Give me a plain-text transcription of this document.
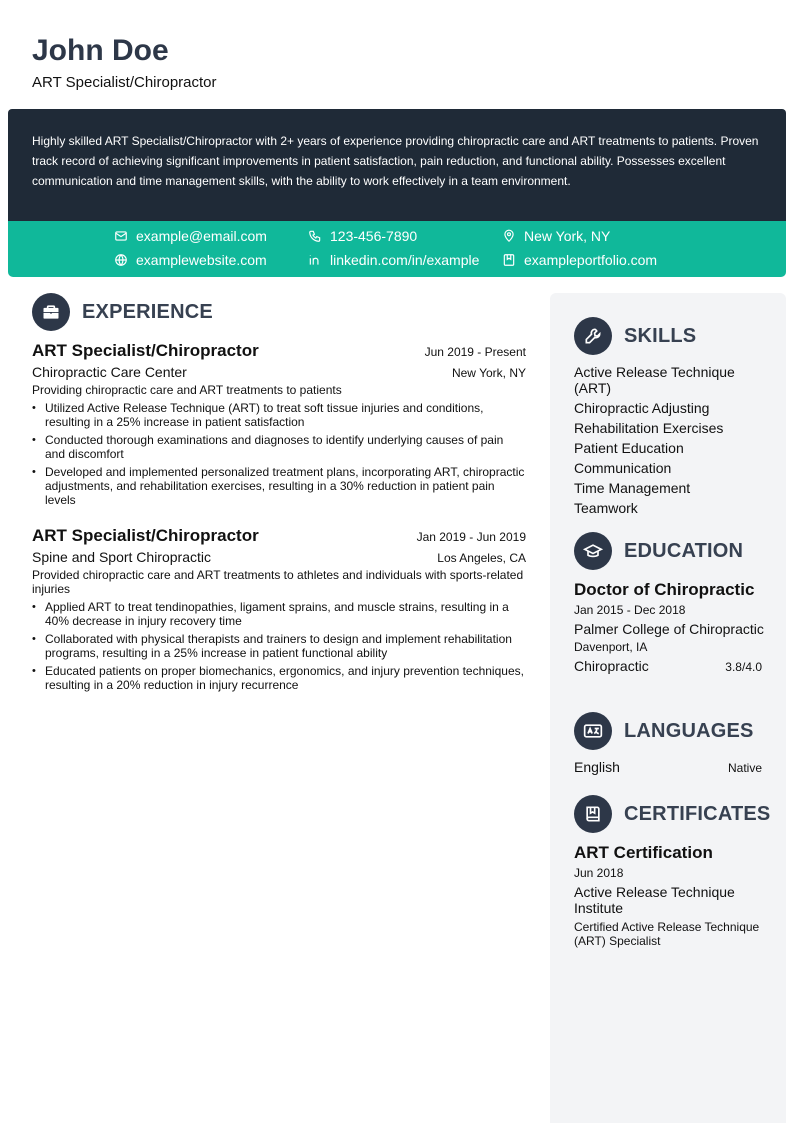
John Doe
ART Specialist/Chiropractor
Highly skilled ART Specialist/Chiropractor with 2+ years of experience providing chiropractic care and ART treatments to patients. Proven track record of achieving significant improvements in patient satisfaction, pain reduction, and functional ability. Possesses excellent communication and time management skills, with the ability to work effectively in a team environment.
example@email.com	123-456-7890	New York, NY
examplewebsite.com	linkedin.com/in/example	exampleportfolio.com
EXPERIENCE
ART Specialist/Chiropractor	Jun 2019 - Present
Chiropractic Care Center	New York, NY
Providing chiropractic care and ART treatments to patients
• Utilized Active Release Technique (ART) to treat soft tissue injuries and conditions, resulting in a 25% increase in patient satisfaction
• Conducted thorough examinations and diagnoses to identify underlying causes of pain and discomfort
• Developed and implemented personalized treatment plans, incorporating ART, chiropractic adjustments, and rehabilitation exercises, resulting in a 30% reduction in patient pain levels
ART Specialist/Chiropractor	Jan 2019 - Jun 2019
Spine and Sport Chiropractic	Los Angeles, CA
Provided chiropractic care and ART treatments to athletes and individuals with sports-related injuries
• Applied ART to treat tendinopathies, ligament sprains, and muscle strains, resulting in a 40% decrease in injury recovery time
• Collaborated with physical therapists and trainers to design and implement rehabilitation programs, resulting in a 25% increase in patient functional ability
• Educated patients on proper biomechanics, ergonomics, and injury prevention techniques, resulting in a 20% reduction in injury recurrence
SKILLS
Active Release Technique (ART)
Chiropractic Adjusting
Rehabilitation Exercises
Patient Education
Communication
Time Management
Teamwork
EDUCATION
Doctor of Chiropractic
Jan 2015 - Dec 2018
Palmer College of Chiropractic
Davenport, IA
Chiropractic	3.8/4.0
LANGUAGES
English	Native
CERTIFICATES
ART Certification
Jun 2018
Active Release Technique Institute
Certified Active Release Technique (ART) Specialist
